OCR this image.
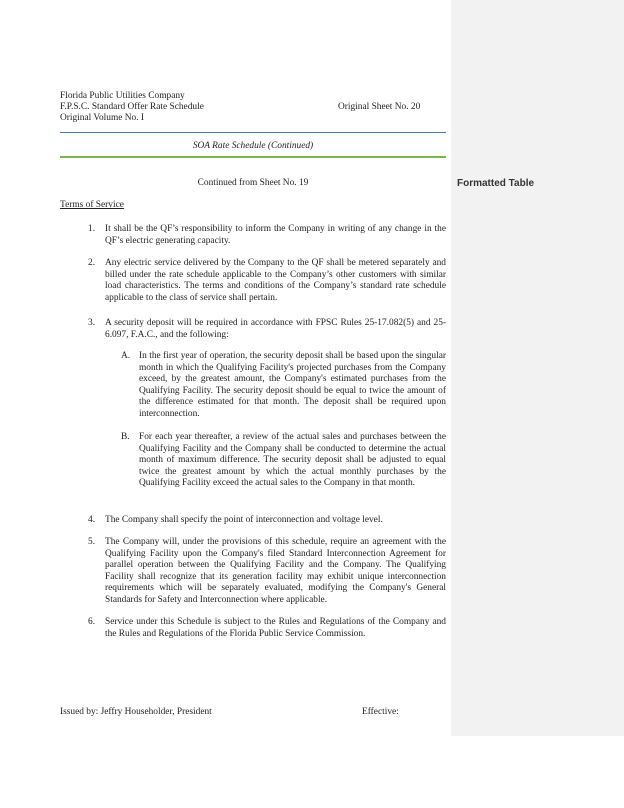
Formatted Table
Florida Public Utilities Company
F.P.S.C. Standard Offer Rate Schedule	Original Sheet No. 20
Original Volume No. I
SOA Rate Schedule (Continued)
Continued from Sheet No. 19
Terms of Service
1. It shall be the QF’s responsibility to inform the Company in writing of any change in the QF’s electric generating capacity.
2. Any electric service delivered by the Company to the QF shall be metered separately and billed under the rate schedule applicable to the Company’s other customers with similar load characteristics. The terms and conditions of the Company’s standard rate schedule applicable to the class of service shall pertain.
3. A security deposit will be required in accordance with FPSC Rules 25-17.082(5) and 25-6.097, F.A.C., and the following:
A. In the first year of operation, the security deposit shall be based upon the singular month in which the Qualifying Facility's projected purchases from the Company exceed, by the greatest amount, the Company's estimated purchases from the Qualifying Facility. The security deposit should be equal to twice the amount of the difference estimated for that month. The deposit shall be required upon interconnection.
B. For each year thereafter, a review of the actual sales and purchases between the Qualifying Facility and the Company shall be conducted to determine the actual month of maximum difference. The security deposit shall be adjusted to equal twice the greatest amount by which the actual monthly purchases by the Qualifying Facility exceed the actual sales to the Company in that month.
4. The Company shall specify the point of interconnection and voltage level.
5. The Company will, under the provisions of this schedule, require an agreement with the Qualifying Facility upon the Company's filed Standard Interconnection Agreement for parallel operation between the Qualifying Facility and the Company. The Qualifying Facility shall recognize that its generation facility may exhibit unique interconnection requirements which will be separately evaluated, modifying the Company's General Standards for Safety and Interconnection where applicable.
6. Service under this Schedule is subject to the Rules and Regulations of the Company and the Rules and Regulations of the Florida Public Service Commission.
Issued by: Jeffry Householder, President	Effective:
